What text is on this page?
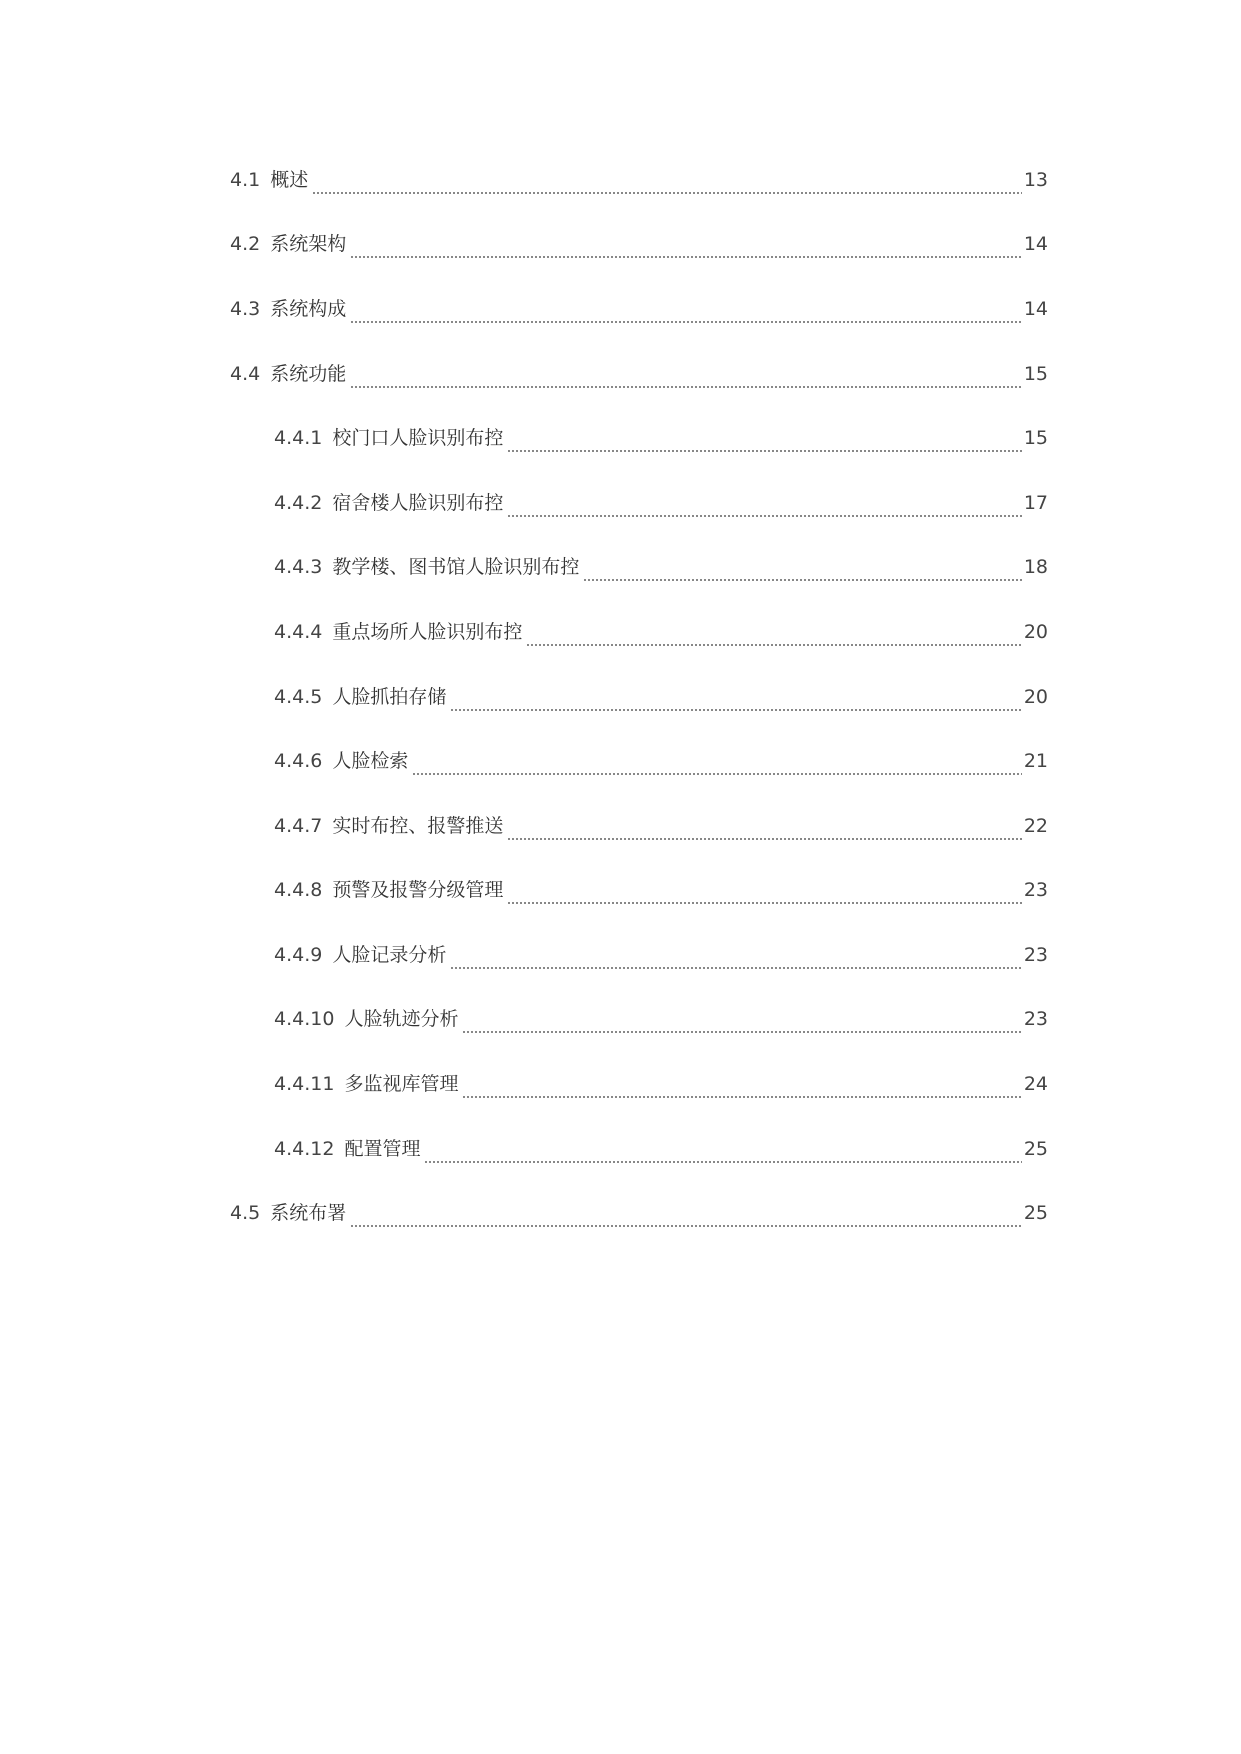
4.1 概述	13
4.2 系统架构	14
4.3 系统构成	14
4.4 系统功能	15
4.4.1 校门口人脸识别布控	15
4.4.2 宿舍楼人脸识别布控	17
4.4.3 教学楼、图书馆人脸识别布控	18
4.4.4 重点场所人脸识别布控	20
4.4.5 人脸抓拍存储	20
4.4.6 人脸检索	21
4.4.7 实时布控、报警推送	22
4.4.8 预警及报警分级管理	23
4.4.9 人脸记录分析	23
4.4.10 人脸轨迹分析	23
4.4.11 多监视库管理	24
4.4.12 配置管理	25
4.5 系统布署	25
